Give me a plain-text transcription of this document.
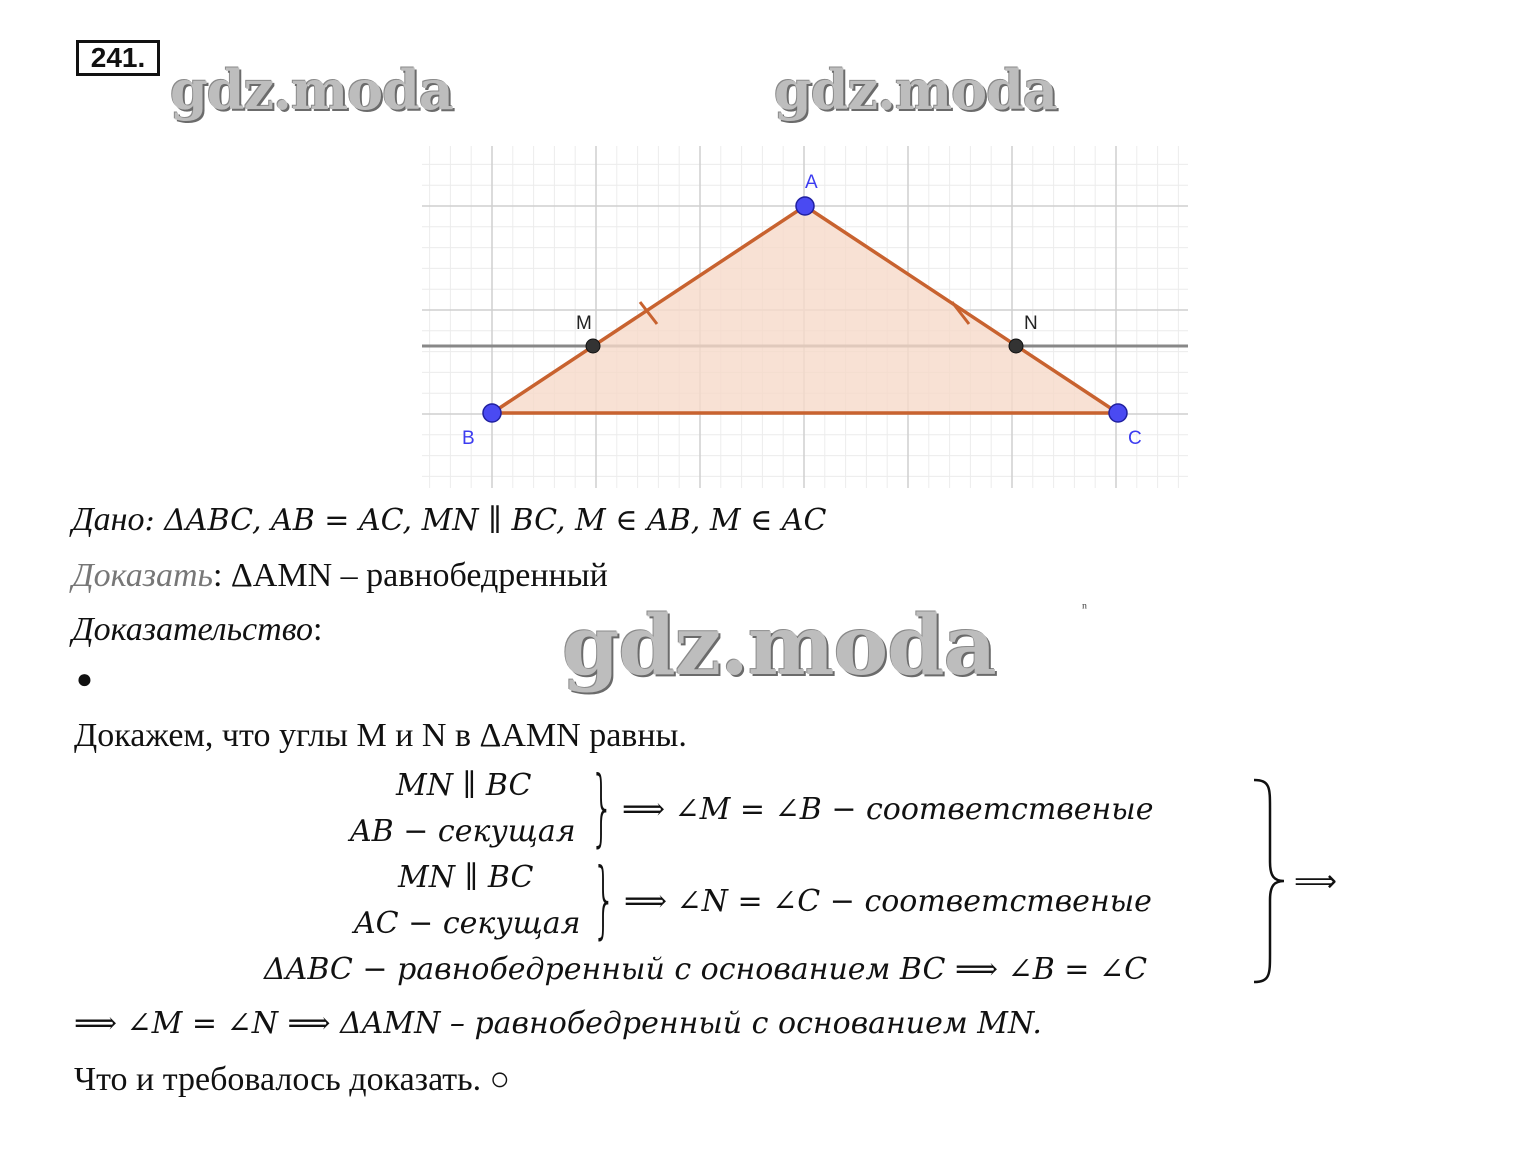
241.
gdz.moda	gdz.moda
A
B	C
M	N
Дано: ΔABC, AB = AC, MN ∥ BC, M ∈ AB, M ∈ AC
Доказать: ΔAMN – равнобедренный
Доказательство:	gdz.moda	ⁿ
●
Докажем, что углы M и N в ΔAMN равны.
MN ∥ BC
AB − секущая } ⟹ ∠M = ∠B − соответственые
MN ∥ BC
AC − секущая } ⟹ ∠N = ∠C − соответственые
ΔABC − равнобедренный с основанием BC ⟹ ∠B = ∠C
⟹
⟹ ∠M = ∠N ⟹ ΔAMN – равнобедренный с основанием MN.
Что и требовалось доказать. ○
